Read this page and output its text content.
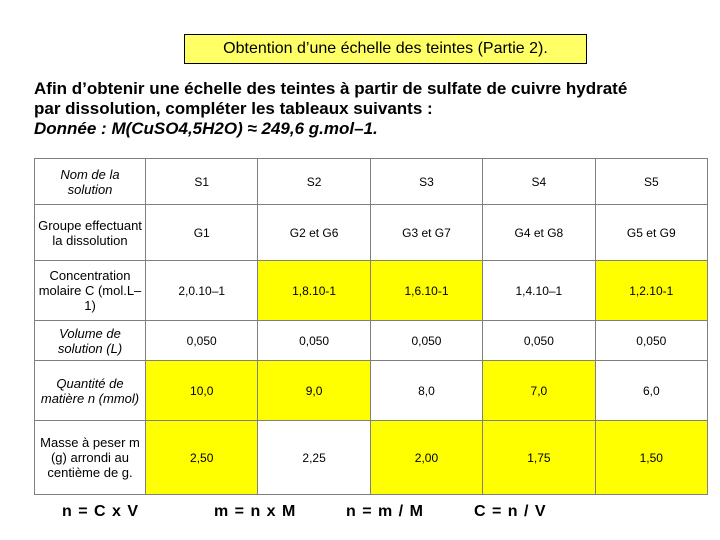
Obtention d’une échelle des teintes (Partie 2).
Afin d’obtenir une échelle des teintes à partir de sulfate de cuivre hydraté
par dissolution, compléter les tableaux suivants :
Donnée : M(CuSO4,5H2O) ≈ 249,6 g.mol–1.
Nom de la solution	S1	S2	S3	S4	S5
Groupe effectuant la dissolution	G1	G2 et G6	G3 et G7	G4 et G8	G5 et G9
Concentration molaire C (mol.L–1)	2,0.10–1	1,8.10-1	1,6.10-1	1,4.10–1	1,2.10-1
Volume de solution (L)	0,050	0,050	0,050	0,050	0,050
Quantité de matière n (mmol)	10,0	9,0	8,0	7,0	6,0
Masse à peser m (g) arrondi au centième de g.	2,50	2,25	2,00	1,75	1,50
n = C x V	m = n x M	n = m / M	C = n / V
